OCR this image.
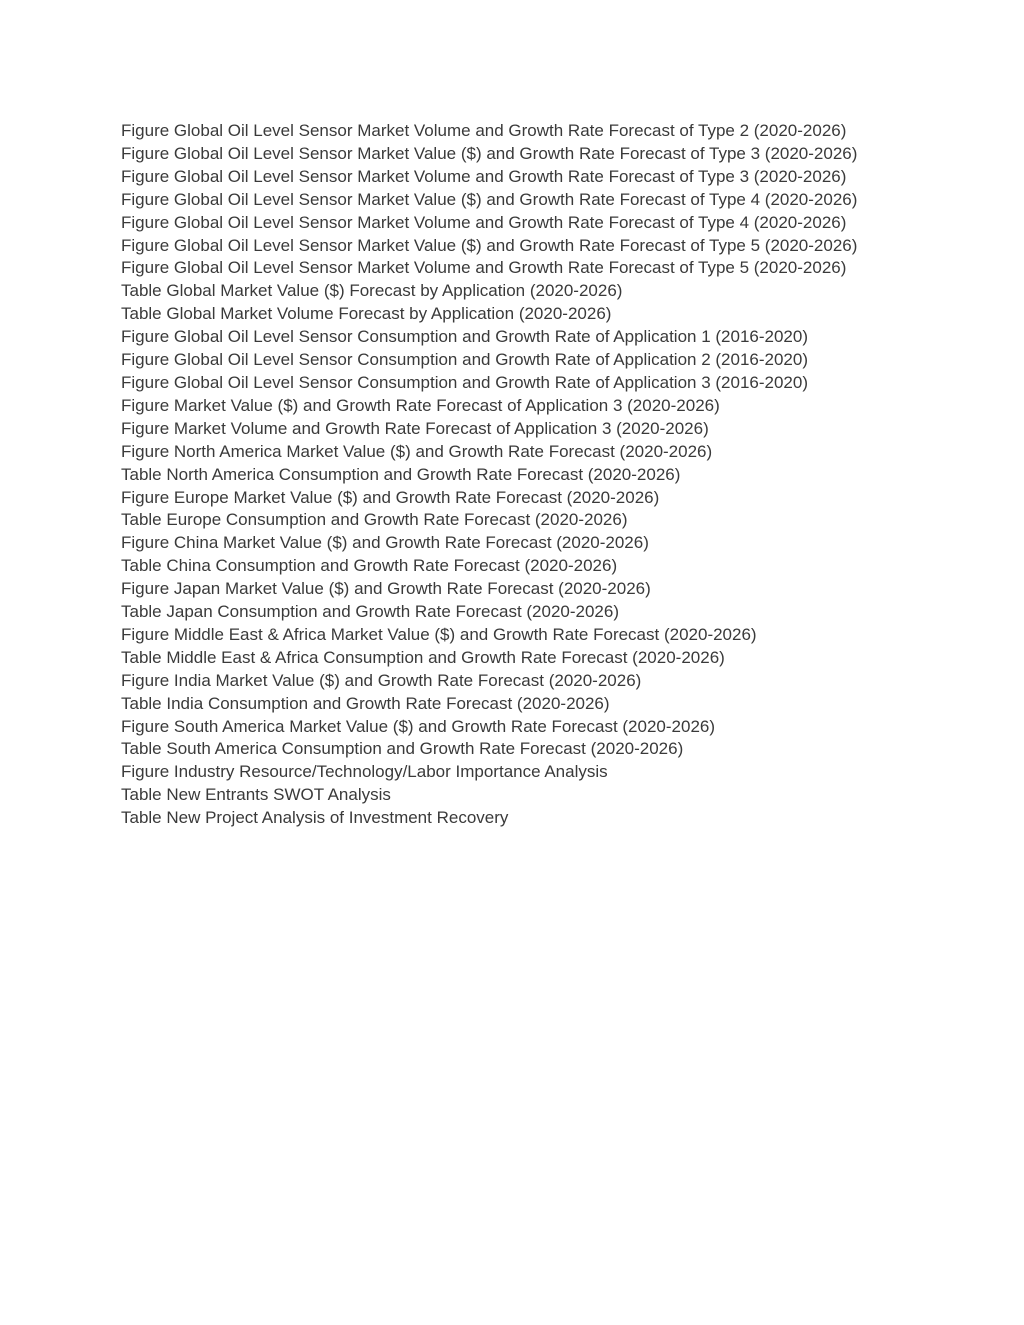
Figure Global Oil Level Sensor Market Volume and Growth Rate Forecast of Type 2 (2020-2026)
Figure Global Oil Level Sensor Market Value ($) and Growth Rate Forecast of Type 3 (2020-2026)
Figure Global Oil Level Sensor Market Volume and Growth Rate Forecast of Type 3 (2020-2026)
Figure Global Oil Level Sensor Market Value ($) and Growth Rate Forecast of Type 4 (2020-2026)
Figure Global Oil Level Sensor Market Volume and Growth Rate Forecast of Type 4 (2020-2026)
Figure Global Oil Level Sensor Market Value ($) and Growth Rate Forecast of Type 5 (2020-2026)
Figure Global Oil Level Sensor Market Volume and Growth Rate Forecast of Type 5 (2020-2026)
Table Global Market Value ($) Forecast by Application (2020-2026)
Table Global Market Volume Forecast by Application (2020-2026)
Figure Global Oil Level Sensor Consumption and Growth Rate of Application 1 (2016-2020)
Figure Global Oil Level Sensor Consumption and Growth Rate of Application 2 (2016-2020)
Figure Global Oil Level Sensor Consumption and Growth Rate of Application 3 (2016-2020)
Figure Market Value ($) and Growth Rate Forecast of Application 3 (2020-2026)
Figure Market Volume and Growth Rate Forecast of Application 3 (2020-2026)
Figure North America Market Value ($) and Growth Rate Forecast (2020-2026)
Table North America Consumption and Growth Rate Forecast (2020-2026)
Figure Europe Market Value ($) and Growth Rate Forecast (2020-2026)
Table Europe Consumption and Growth Rate Forecast (2020-2026)
Figure China Market Value ($) and Growth Rate Forecast (2020-2026)
Table China Consumption and Growth Rate Forecast (2020-2026)
Figure Japan Market Value ($) and Growth Rate Forecast (2020-2026)
Table Japan Consumption and Growth Rate Forecast (2020-2026)
Figure Middle East & Africa Market Value ($) and Growth Rate Forecast (2020-2026)
Table Middle East & Africa Consumption and Growth Rate Forecast (2020-2026)
Figure India Market Value ($) and Growth Rate Forecast (2020-2026)
Table India Consumption and Growth Rate Forecast (2020-2026)
Figure South America Market Value ($) and Growth Rate Forecast (2020-2026)
Table South America Consumption and Growth Rate Forecast (2020-2026)
Figure Industry Resource/Technology/Labor Importance Analysis
Table New Entrants SWOT Analysis
Table New Project Analysis of Investment Recovery
